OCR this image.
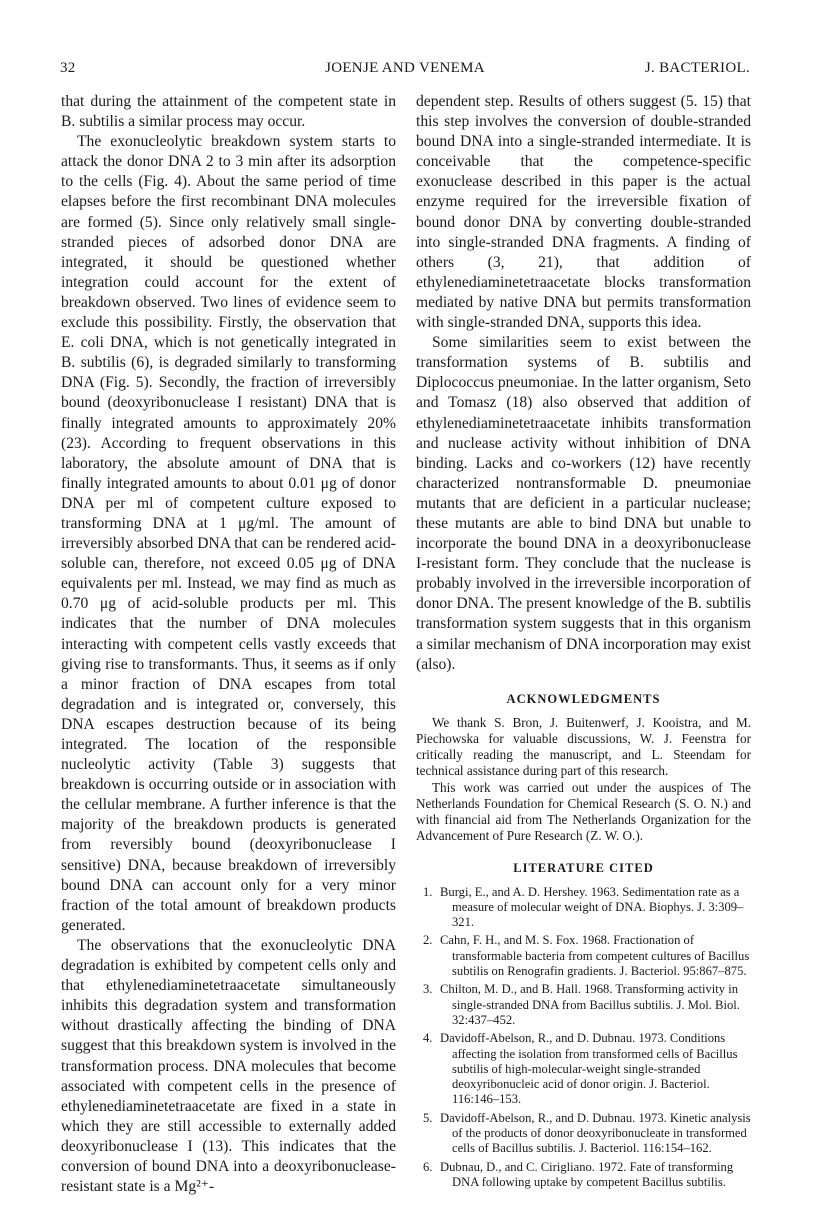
32	JOENJE AND VENEMA	J. BACTERIOL.

that during the attainment of the competent state in B. subtilis a similar process may occur.

The exonucleolytic breakdown system starts to attack the donor DNA 2 to 3 min after its adsorption to the cells (Fig. 4). About the same period of time elapses before the first recombinant DNA molecules are formed (5). Since only relatively small single-stranded pieces of adsorbed donor DNA are integrated, it should be questioned whether integration could account for the extent of breakdown observed. Two lines of evidence seem to exclude this possibility. Firstly, the observation that E. coli DNA, which is not genetically integrated in B. subtilis (6), is degraded similarly to transforming DNA (Fig. 5). Secondly, the fraction of irreversibly bound (deoxyribonuclease I resistant) DNA that is finally integrated amounts to approximately 20% (23). According to frequent observations in this laboratory, the absolute amount of DNA that is finally integrated amounts to about 0.01 μg of donor DNA per ml of competent culture exposed to transforming DNA at 1 μg/ml. The amount of irreversibly absorbed DNA that can be rendered acid-soluble can, therefore, not exceed 0.05 μg of DNA equivalents per ml. Instead, we may find as much as 0.70 μg of acid-soluble products per ml. This indicates that the number of DNA molecules interacting with competent cells vastly exceeds that giving rise to transformants. Thus, it seems as if only a minor fraction of DNA escapes from total degradation and is integrated or, conversely, this DNA escapes destruction because of its being integrated. The location of the responsible nucleolytic activity (Table 3) suggests that breakdown is occurring outside or in association with the cellular membrane. A further inference is that the majority of the breakdown products is generated from reversibly bound (deoxyribonuclease I sensitive) DNA, because breakdown of irreversibly bound DNA can account only for a very minor fraction of the total amount of breakdown products generated.

The observations that the exonucleolytic DNA degradation is exhibited by competent cells only and that ethylenediaminetetraacetate simultaneously inhibits this degradation system and transformation without drastically affecting the binding of DNA suggest that this breakdown system is involved in the transformation process. DNA molecules that become associated with competent cells in the presence of ethylenediaminetetraacetate are fixed in a state in which they are still accessible to externally added deoxyribonuclease I (13). This indicates that the conversion of bound DNA into a deoxyribonuclease-resistant state is a Mg²⁺-

dependent step. Results of others suggest (5. 15) that this step involves the conversion of double-stranded bound DNA into a single-stranded intermediate. It is conceivable that the competence-specific exonuclease described in this paper is the actual enzyme required for the irreversible fixation of bound donor DNA by converting double-stranded into single-stranded DNA fragments. A finding of others (3, 21), that addition of ethylenediaminetetraacetate blocks transformation mediated by native DNA but permits transformation with single-stranded DNA, supports this idea.

Some similarities seem to exist between the transformation systems of B. subtilis and Diplococcus pneumoniae. In the latter organism, Seto and Tomasz (18) also observed that addition of ethylenediaminetetraacetate inhibits transformation and nuclease activity without inhibition of DNA binding. Lacks and co-workers (12) have recently characterized nontransformable D. pneumoniae mutants that are deficient in a particular nuclease; these mutants are able to bind DNA but unable to incorporate the bound DNA in a deoxyribonuclease I-resistant form. They conclude that the nuclease is probably involved in the irreversible incorporation of donor DNA. The present knowledge of the B. subtilis transformation system suggests that in this organism a similar mechanism of DNA incorporation may exist (also).

ACKNOWLEDGMENTS

We thank S. Bron, J. Buitenwerf, J. Kooistra, and M. Piechowska for valuable discussions, W. J. Feenstra for critically reading the manuscript, and L. Steendam for technical assistance during part of this research.

This work was carried out under the auspices of The Netherlands Foundation for Chemical Research (S. O. N.) and with financial aid from The Netherlands Organization for the Advancement of Pure Research (Z. W. O.).

LITERATURE CITED
1. Burgi, E., and A. D. Hershey. 1963. Sedimentation rate as a measure of molecular weight of DNA. Biophys. J. 3:309–321.
2. Cahn, F. H., and M. S. Fox. 1968. Fractionation of transformable bacteria from competent cultures of Bacillus subtilis on Renografin gradients. J. Bacteriol. 95:867–875.
3. Chilton, M. D., and B. Hall. 1968. Transforming activity in single-stranded DNA from Bacillus subtilis. J. Mol. Biol. 32:437–452.
4. Davidoff-Abelson, R., and D. Dubnau. 1973. Conditions affecting the isolation from transformed cells of Bacillus subtilis of high-molecular-weight single-stranded deoxyribonucleic acid of donor origin. J. Bacteriol. 116:146–153.
5. Davidoff-Abelson, R., and D. Dubnau. 1973. Kinetic analysis of the products of donor deoxyribonucleate in transformed cells of Bacillus subtilis. J. Bacteriol. 116:154–162.
6. Dubnau, D., and C. Cirigliano. 1972. Fate of transforming DNA following uptake by competent Bacillus subtilis.
